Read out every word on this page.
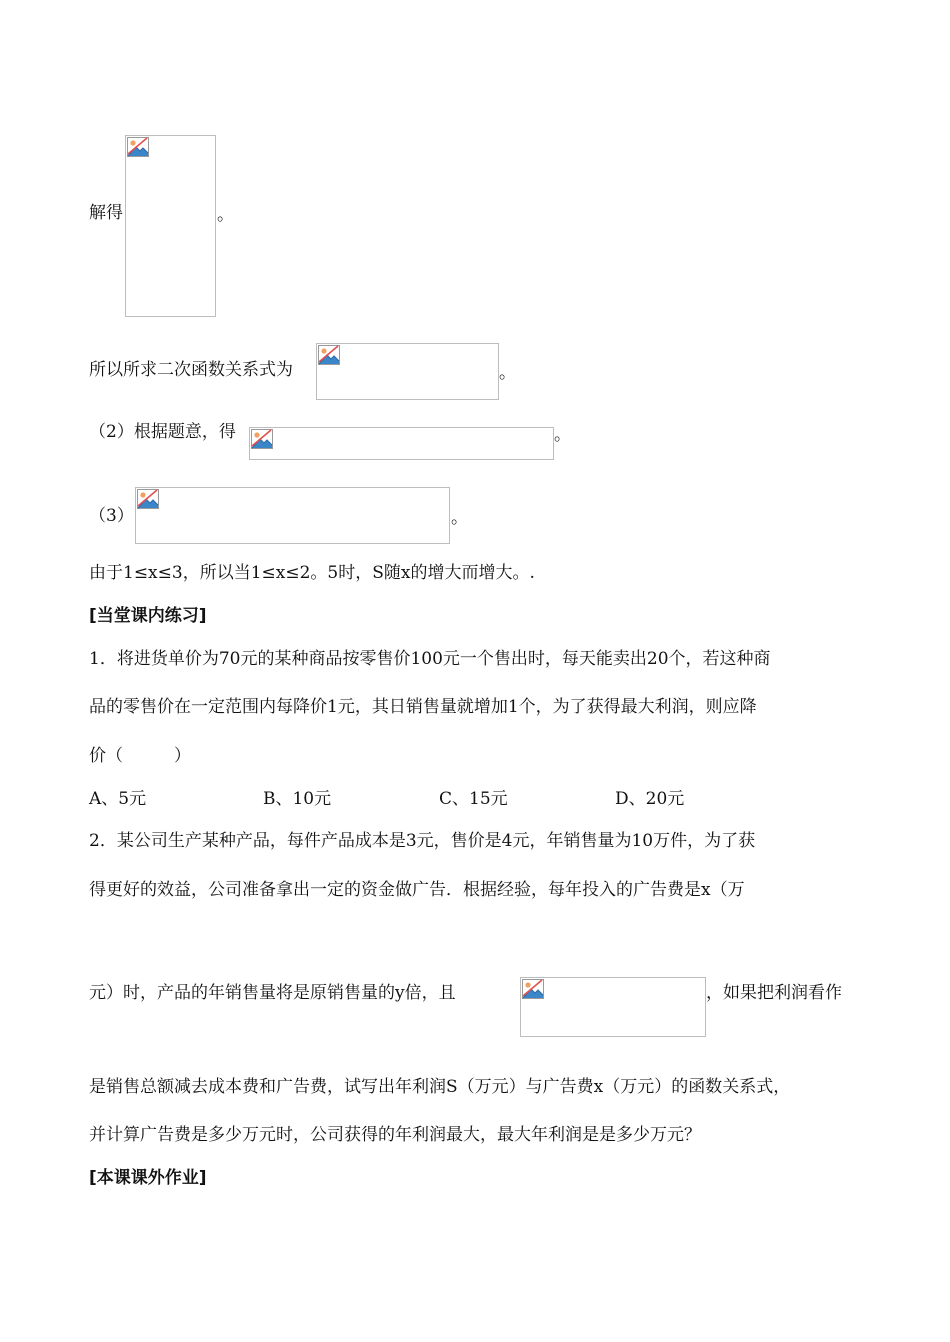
解得	。
所以所求二次函数关系式为	。
（2）根据题意，得	。
（3）	。
由于1≤x≤3，所以当1≤x≤2。5时，S随x的增大而增大。.
[当堂课内练习]
1．将进货单价为70元的某种商品按零售价100元一个售出时，每天能卖出20个，若这种商
品的零售价在一定范围内每降价1元，其日销售量就增加1个，为了获得最大利润，则应降
价（　　　）
A、5元	B、10元	C、15元	D、20元
2．某公司生产某种产品，每件产品成本是3元，售价是4元，年销售量为10万件，为了获
得更好的效益，公司准备拿出一定的资金做广告．根据经验，每年投入的广告费是x（万
元）时，产品的年销售量将是原销售量的y倍，且	，如果把利润看作
是销售总额减去成本费和广告费，试写出年利润S（万元）与广告费x（万元）的函数关系式，
并计算广告费是多少万元时，公司获得的年利润最大，最大年利润是是多少万元？
[本课课外作业]
